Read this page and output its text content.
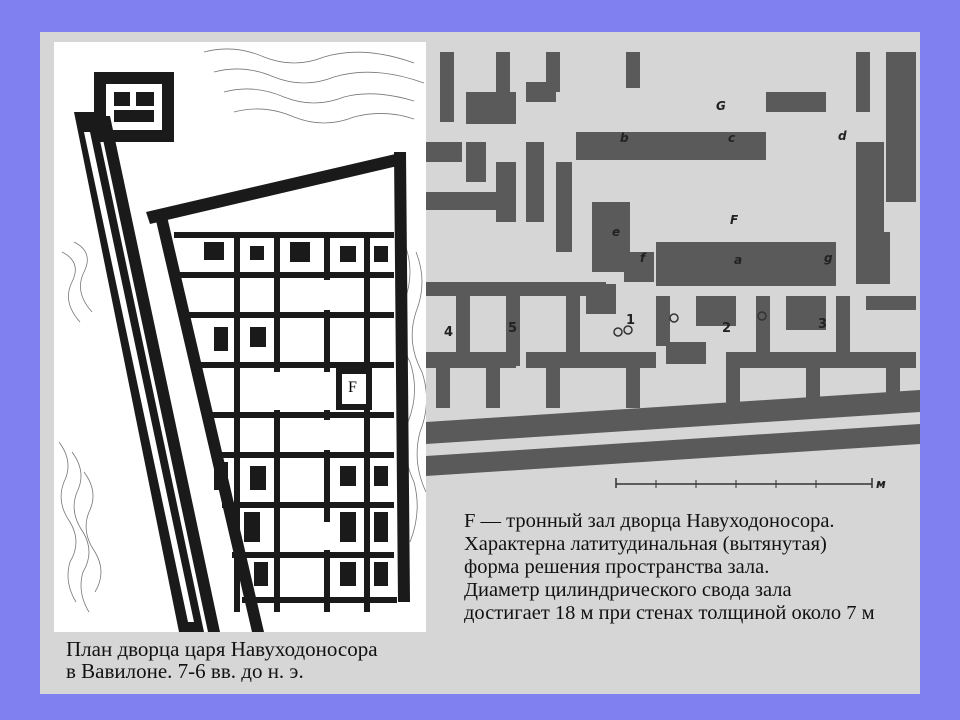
F
G
b	c	d
e
F
f	a	g
4	5
1
2	3
м
План дворца царя Навуходоносора
в Вавилоне. 7-6 вв. до н. э.
F — тронный зал дворца Навуходоносора.
Характерна латитудинальная (вытянутая)
форма решения пространства зала.
Диаметр цилиндрического свода зала
достигает 18 м при стенах толщиной около 7 м
